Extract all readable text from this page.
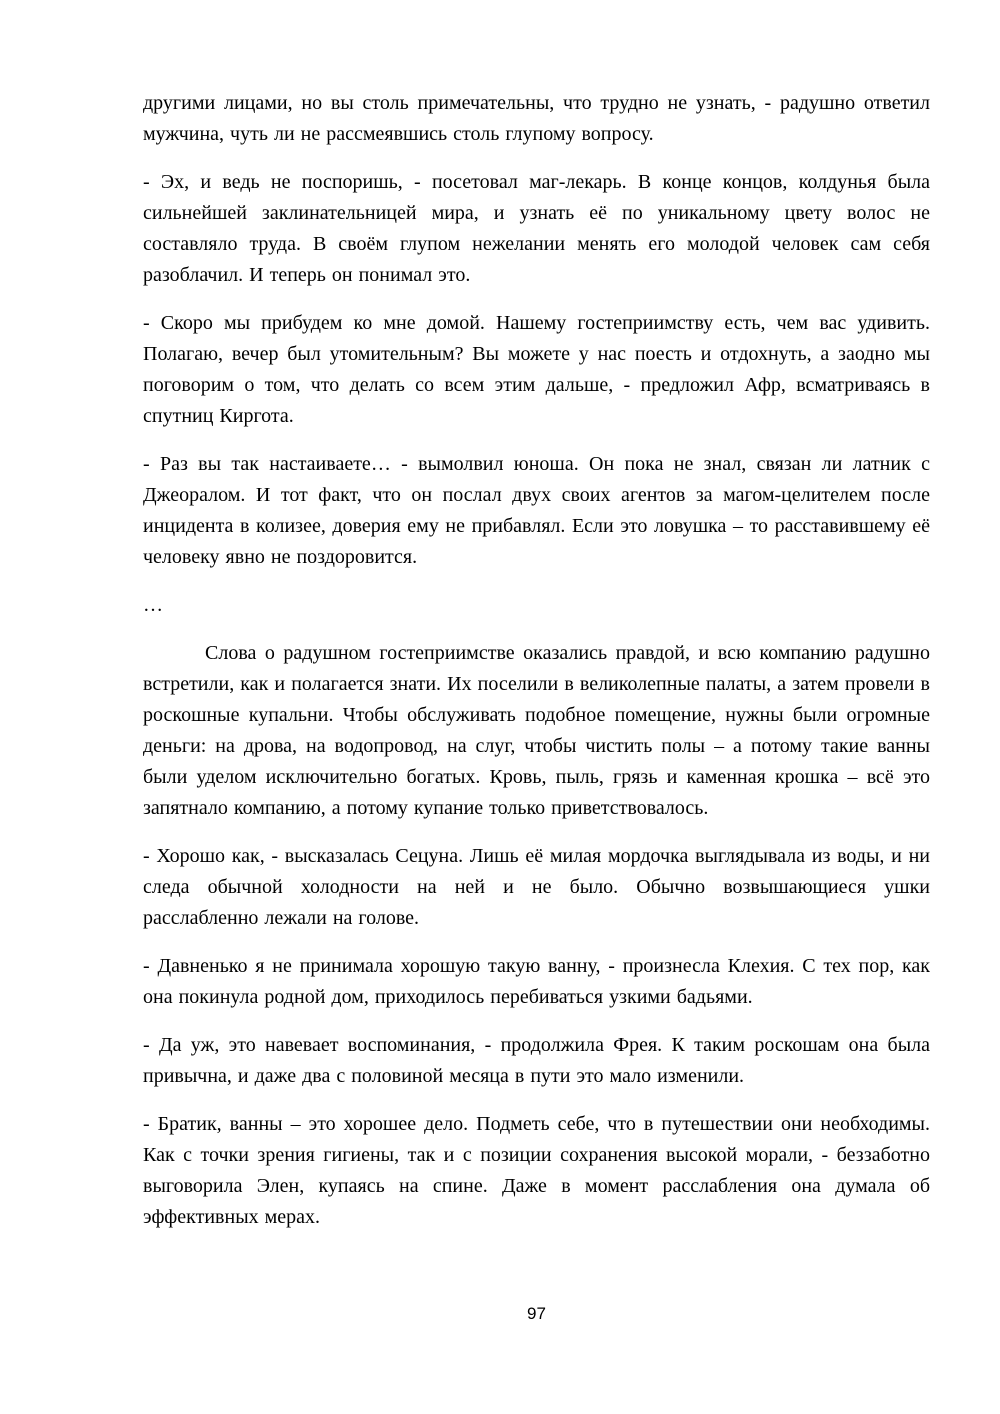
другими лицами, но вы столь примечательны, что трудно не узнать, - радушно ответил мужчина, чуть ли не рассмеявшись столь глупому вопросу.

- Эх, и ведь не поспоришь, - посетовал маг-лекарь. В конце концов, колдунья была сильнейшей заклинательницей мира, и узнать её по уникальному цвету волос не составляло труда. В своём глупом нежелании менять его молодой человек сам себя разоблачил. И теперь он понимал это.

- Скоро мы прибудем ко мне домой. Нашему гостеприимству есть, чем вас удивить. Полагаю, вечер был утомительным? Вы можете у нас поесть и отдохнуть, а заодно мы поговорим о том, что делать со всем этим дальше, - предложил Афр, всматриваясь в спутниц Киргота.

- Раз вы так настаиваете… - вымолвил юноша. Он пока не знал, связан ли латник с Джеоралом. И тот факт, что он послал двух своих агентов за магом-целителем после инцидента в колизее, доверия ему не прибавлял. Если это ловушка – то расставившему её человеку явно не поздоровится.

…

Слова о радушном гостеприимстве оказались правдой, и всю компанию радушно встретили, как и полагается знати. Их поселили в великолепные палаты, а затем провели в роскошные купальни. Чтобы обслуживать подобное помещение, нужны были огромные деньги: на дрова, на водопровод, на слуг, чтобы чистить полы – а потому такие ванны были уделом исключительно богатых. Кровь, пыль, грязь и каменная крошка – всё это запятнало компанию, а потому купание только приветствовалось.

- Хорошо как, - высказалась Сецуна. Лишь её милая мордочка выглядывала из воды, и ни следа обычной холодности на ней и не было. Обычно возвышающиеся ушки расслабленно лежали на голове.

- Давненько я не принимала хорошую такую ванну, - произнесла Клехия. С тех пор, как она покинула родной дом, приходилось перебиваться узкими бадьями.

- Да уж, это навевает воспоминания, - продолжила Фрея. К таким роскошам она была привычна, и даже два с половиной месяца в пути это мало изменили.

- Братик, ванны – это хорошее дело. Подметь себе, что в путешествии они необходимы. Как с точки зрения гигиены, так и с позиции сохранения высокой морали, - беззаботно выговорила Элен, купаясь на спине. Даже в момент расслабления она думала об эффективных мерах.

97
